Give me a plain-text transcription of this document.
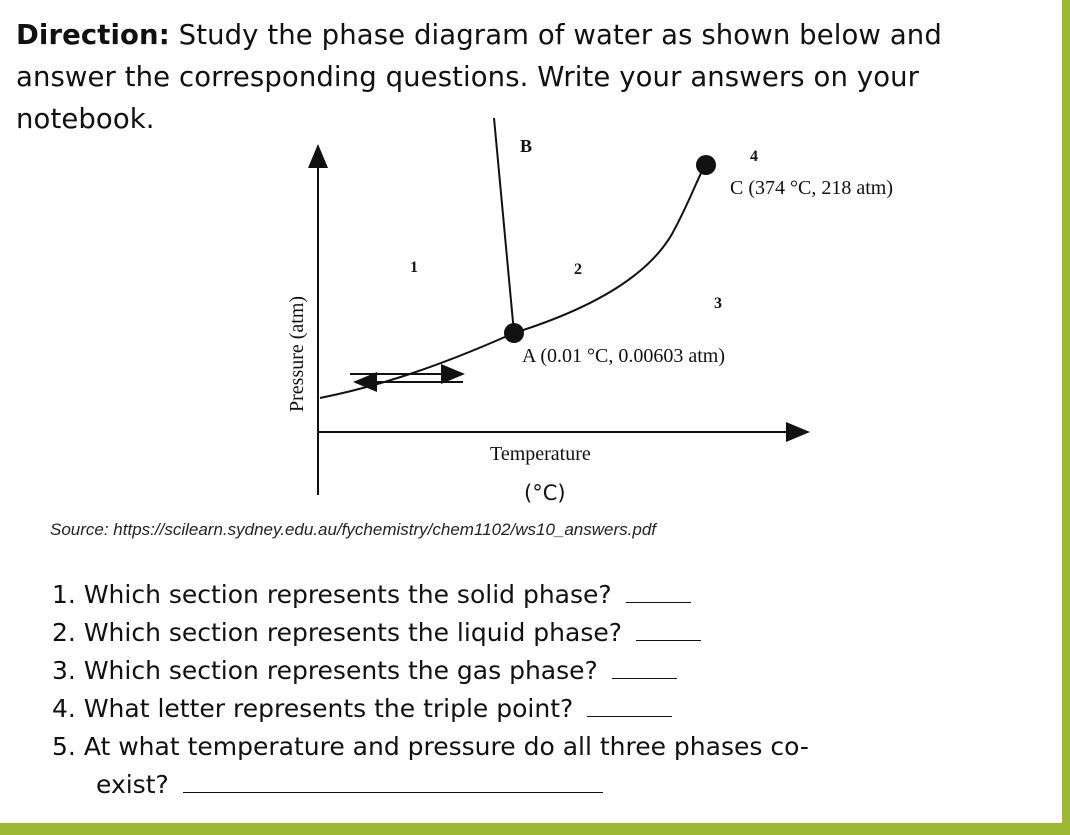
Direction: Study the phase diagram of water as shown below and answer the corresponding questions. Write your answers on your notebook.
B
4
C (374 °C, 218 atm)
1	2
3
A (0.01 °C, 0.00603 atm)
Pressure (atm)
Temperature
(°C)
Source: https://scilearn.sydney.edu.au/fychemistry/chem1102/ws10_answers.pdf
1. Which section represents the solid phase?
2. Which section represents the liquid phase?
3. Which section represents the gas phase?
4. What letter represents the triple point?
5. At what temperature and pressure do all three phases co-
exist?
